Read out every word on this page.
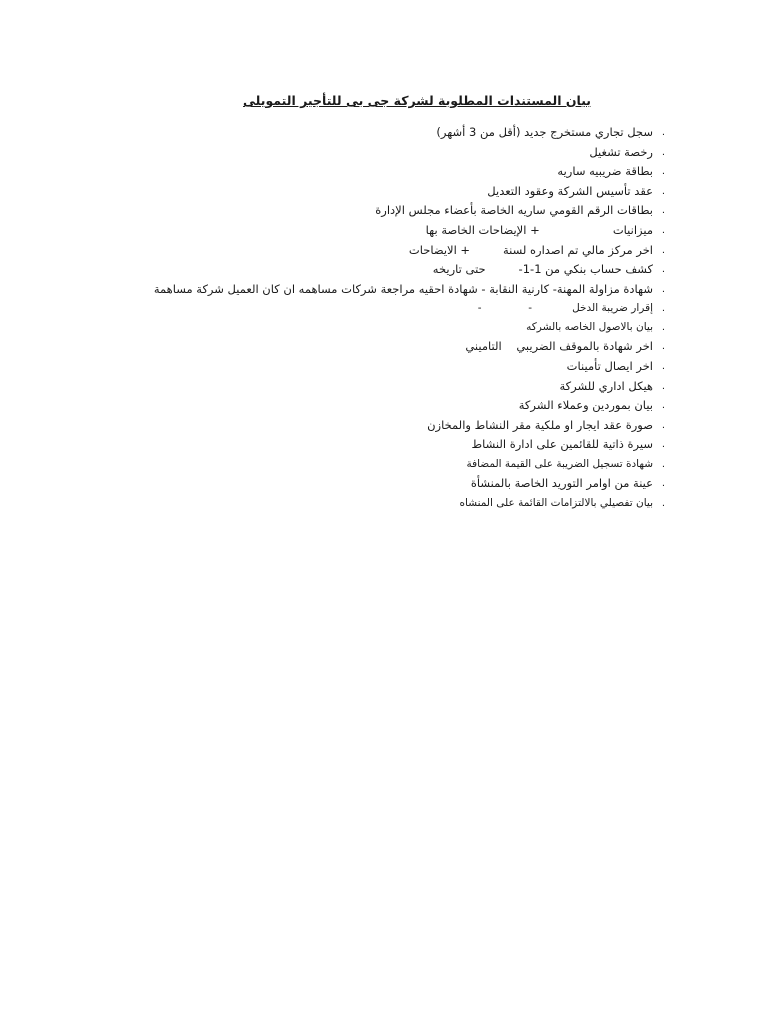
بيان المستندات المطلوبة لشركة جى بى للتأجير التمويلى
.
سجل تجاري مستخرج جديد (أقل من 3 أشهر)
.
رخصة تشغيل
.
بطاقة ضريبيه ساريه
.
عقد تأسيس الشركة وعقود التعديل
.
بطاقات الرقم القومي ساريه الخاصة بأعضاء مجلس الإدارة
.
ميزانيات                    + الإيضاحات الخاصة بها
.
اخر مركز مالي تم اصداره لسنة         + الايضاحات
.
كشف حساب بنكي من 1-1-         حتى تاريخه
.
شهادة مزاولة المهنة- كارنية النقابة - شهادة احقيه مراجعة شركات مساهمه ان كان العميل شركة مساهمة
.
إقرار ضريبة الدخل            -              -
.
بيان بالاصول الخاصه بالشركه
.
اخر شهادة بالموقف الضريبي    التاميني
.
اخر ايصال تأمينات
.
هيكل اداري للشركة
.
بيان بموردين وعملاء الشركة
.
صورة عقد ايجار او ملكية مقر النشاط والمخازن
.
سيرة ذاتية للقائمين على ادارة النشاط
.
شهادة تسجيل الضريبة على القيمة المضافة
.
عينة من اوامر التوريد الخاصة بالمنشأة
.
بيان تفصيلي بالالتزامات القائمة على المنشاه
